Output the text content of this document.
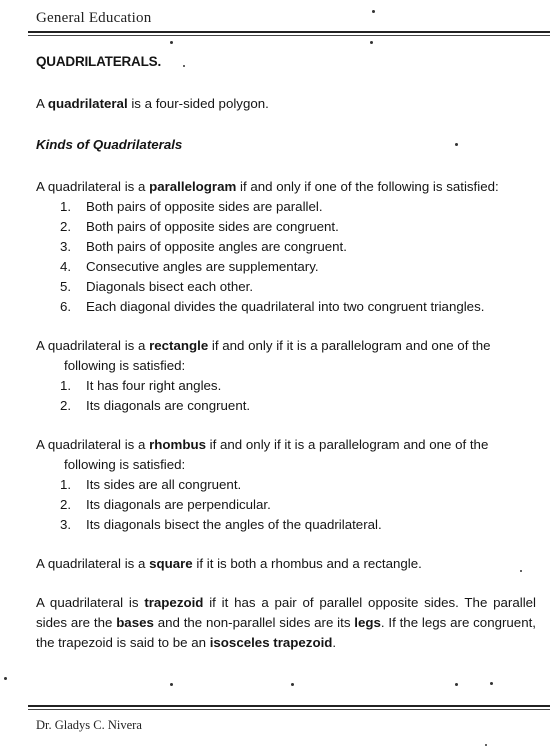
General Education

QUADRILATERALS.

A quadrilateral is a four-sided polygon.

Kinds of Quadrilaterals

A quadrilateral is a parallelogram if and only if one of the following is satisfied:

1.	Both pairs of opposite sides are parallel.
2.	Both pairs of opposite sides are congruent.
3.	Both pairs of opposite angles are congruent.
4.	Consecutive angles are supplementary.
5.	Diagonals bisect each other.
6.	Each diagonal divides the quadrilateral into two congruent triangles.

A quadrilateral is a rectangle if and only if it is a parallelogram and one of the

following is satisfied:

1.	It has four right angles.
2.	Its diagonals are congruent.

A quadrilateral is a rhombus if and only if it is a parallelogram and one of the

following is satisfied:

1.	Its sides are all congruent.
2.	Its diagonals are perpendicular.
3.	Its diagonals bisect the angles of the quadrilateral.

A quadrilateral is a square if it is both a rhombus and a rectangle.

A quadrilateral is trapezoid if it has a pair of parallel opposite sides. The parallel sides are the bases and the non-parallel sides are its legs. If the legs are congruent, the trapezoid is said to be an isosceles trapezoid.

Dr. Gladys C. Nivera
